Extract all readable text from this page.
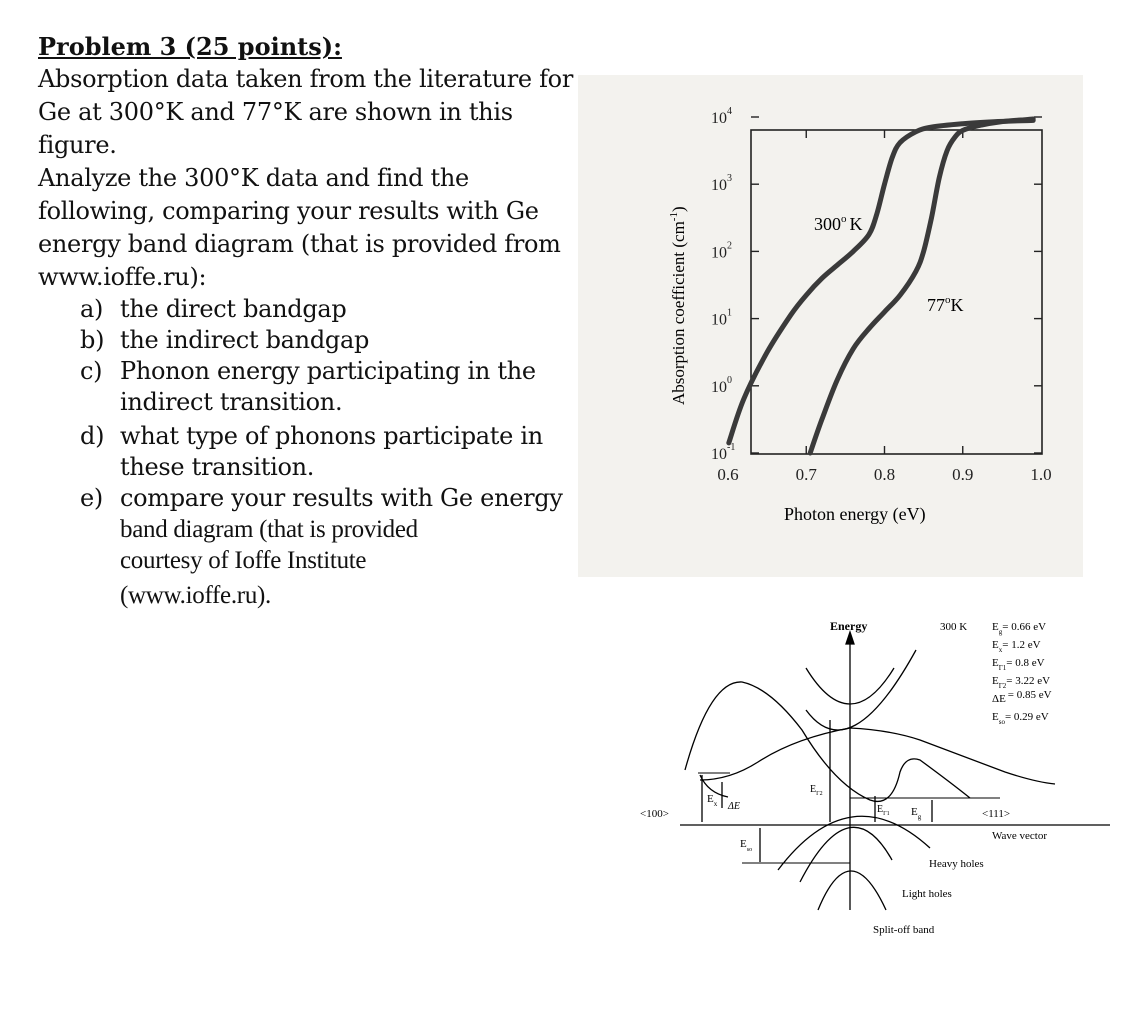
Problem 3 (25 points):
Absorption data taken from the literature for
Ge at 300°K and 77°K are shown in this figure.
Analyze the 300°K data and find the
following, comparing your results with Ge
energy band diagram (that is provided from
www.ioffe.ru):
a) the direct bandgap
b) the indirect bandgap
c) Phonon energy participating in the
indirect transition.
d) what type of phonons participate in
these transition.
e) compare your results with Ge energy
band diagram (that is provided
courtesy of Ioffe Institute
(www.ioffe.ru).
$10^4$
$10^3$
$10^2$
$10^1$
$10^0$
$10^{-1}$
0.6	0.7	0.8	0.9	1.0
Photon energy (eV)
Absorption coefficient $(cm^{-1})$
300$^o$ K
77$^o$K
Energy	300 K $E_g= 0.66$ eV
$E_x= 1.2$ eV
$E_{\Gamma 1}= 0.8$ eV
$E_{\Gamma 2}= 3.22$ eV
ΔE = 0.85 eV
$E_{so}= 0.29$ eV
<100>	<111>
Wave vector
Heavy holes
Light holes
Split-off band
$E_x$ ΔE
$E_{so}$
$E_{\Gamma 2}$
$E_{\Gamma 1}$ $E_g$
